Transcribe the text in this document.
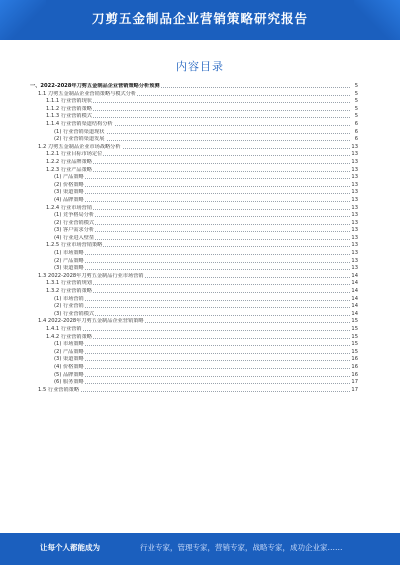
刀剪五金制品企业营销策略研究报告
内容目录
一、2022-2028年刀剪五金制品企业营销策略分析预测	5
1.1 刀剪五金制品企业营销策略与模式分析	5
1.1.1 行业营销现状	5
1.1.2 行业营销策略	5
1.1.3 行业营销模式	5
1.1.4 行业营销渠道结构分析	6
(1) 行业营销渠道现状	6
(2) 行业营销渠道发展	6
1.2 刀剪五金制品企业市场战略分析	13
1.2.1 行业目标市场定位	13
1.2.2 行业品牌策略	13
1.2.3 行业产品策略	13
(1) 产品策略	13
(2) 价格策略	13
(3) 渠道策略	13
(4) 品牌策略	13
1.2.4 行业市场营销	13
(1) 竞争格局分析	13
(2) 行业营销模式	13
(3) 客户需求分析	13
(4) 行业进入壁垒	13
1.2.5 行业市场营销策略	13
(1) 市场策略	13
(2) 产品策略	13
(3) 渠道策略	13
1.3 2022-2028年刀剪五金制品行业市场营销	14
1.3.1 行业营销规划	14
1.3.2 行业营销策略	14
(1) 市场营销	14
(2) 行业营销	14
(3) 行业营销模式	14
1.4 2022-2028年刀剪五金制品企业营销策略	15
1.4.1 行业营销	15
1.4.2 行业营销策略	15
(1) 市场策略	15
(2) 产品策略	15
(3) 渠道策略	16
(4) 价格策略	16
(5) 品牌策略	16
(6) 服务策略	17
1.5 行业营销策略	17
让每个人都能成为	行业专家，管理专家，营销专家，战略专家，成功企业家……
